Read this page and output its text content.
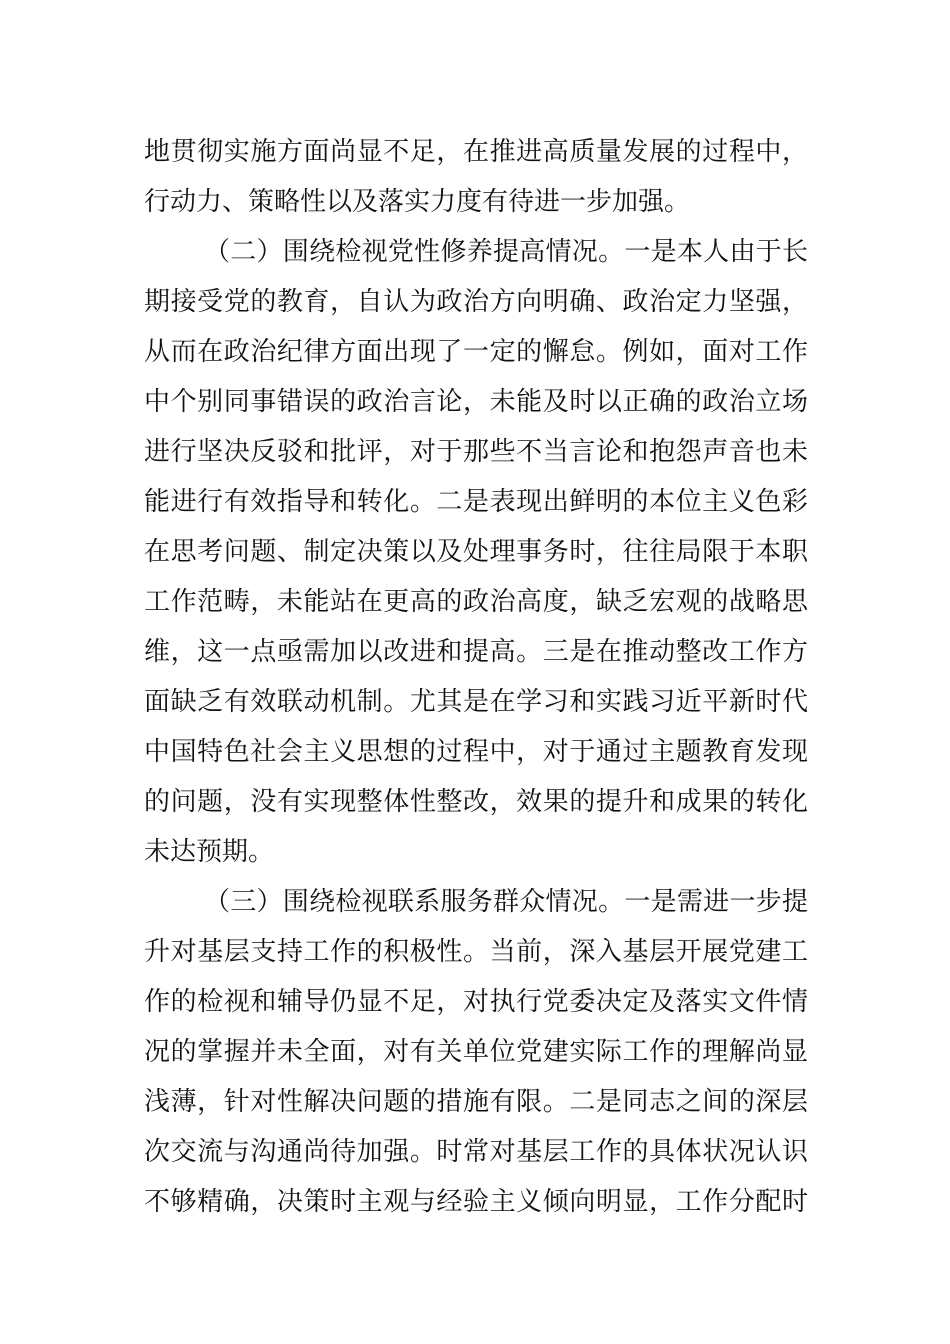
地贯彻实施方面尚显不足，在推进高质量发展的过程中，
行动力、策略性以及落实力度有待进一步加强。
（二）围绕检视党性修养提高情况。一是本人由于长
期接受党的教育，自认为政治方向明确、政治定力坚强，
从而在政治纪律方面出现了一定的懈怠。例如，面对工作
中个别同事错误的政治言论，未能及时以正确的政治立场
进行坚决反驳和批评，对于那些不当言论和抱怨声音也未
能进行有效指导和转化。二是表现出鲜明的本位主义色彩
在思考问题、制定决策以及处理事务时，往往局限于本职
工作范畴，未能站在更高的政治高度，缺乏宏观的战略思
维，这一点亟需加以改进和提高。三是在推动整改工作方
面缺乏有效联动机制。尤其是在学习和实践习近平新时代
中国特色社会主义思想的过程中，对于通过主题教育发现
的问题，没有实现整体性整改，效果的提升和成果的转化
未达预期。
（三）围绕检视联系服务群众情况。一是需进一步提
升对基层支持工作的积极性。当前，深入基层开展党建工
作的检视和辅导仍显不足，对执行党委决定及落实文件情
况的掌握并未全面，对有关单位党建实际工作的理解尚显
浅薄，针对性解决问题的措施有限。二是同志之间的深层
次交流与沟通尚待加强。时常对基层工作的具体状况认识
不够精确，决策时主观与经验主义倾向明显，工作分配时
